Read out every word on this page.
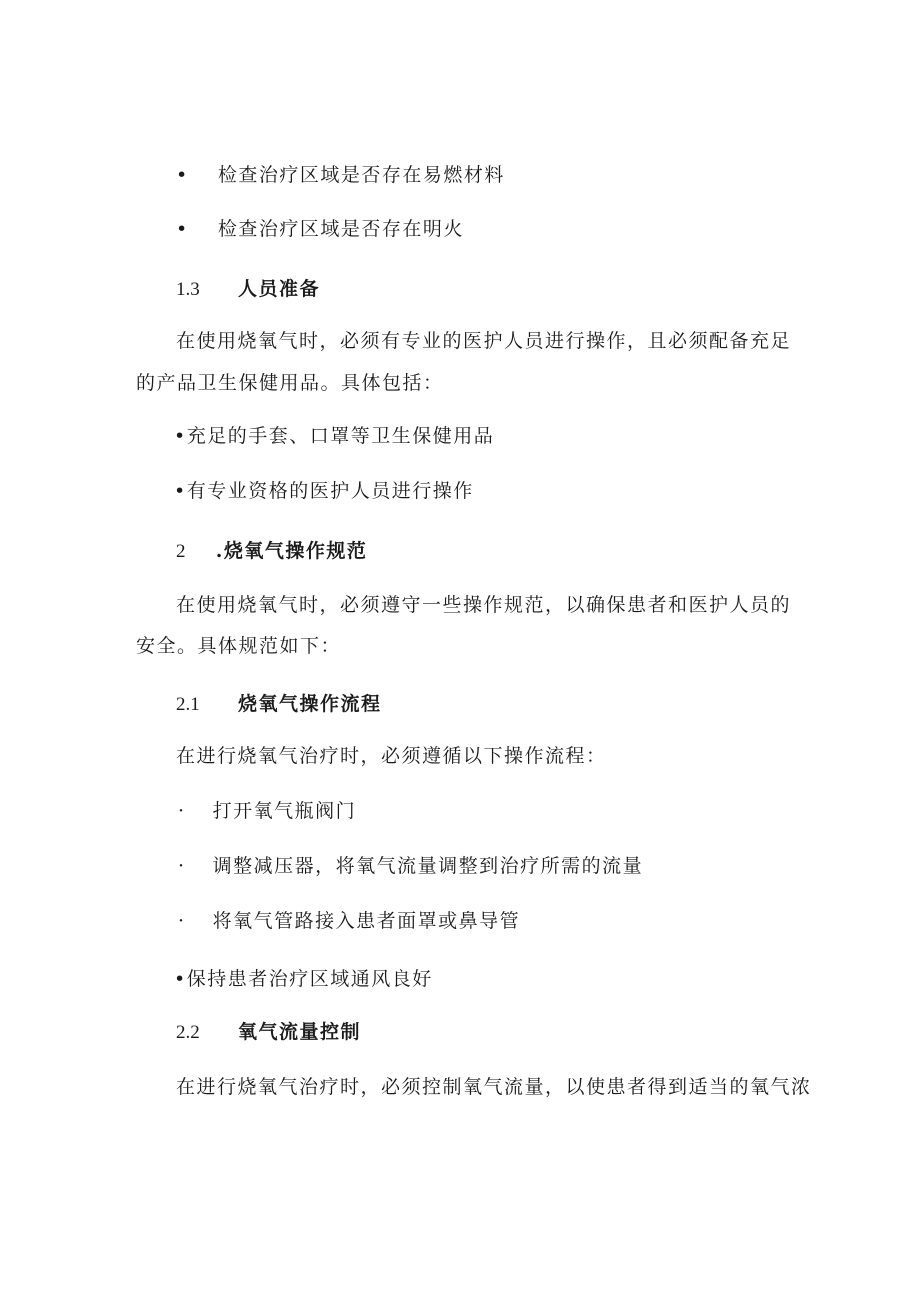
• 检查治疗区域是否存在易燃材料
• 检查治疗区域是否存在明火
1.3 人员准备
在使用烧氧气时，必须有专业的医护人员进行操作，且必须配备充足
的产品卫生保健用品。具体包括：
•充足的手套、口罩等卫生保健用品
•有专业资格的医护人员进行操作
2 .烧氧气操作规范
在使用烧氧气时，必须遵守一些操作规范，以确保患者和医护人员的
安全。具体规范如下：
2.1 烧氧气操作流程
在进行烧氧气治疗时，必须遵循以下操作流程：
· 打开氧气瓶阀门
· 调整减压器，将氧气流量调整到治疗所需的流量
· 将氧气管路接入患者面罩或鼻导管
•保持患者治疗区域通风良好
2.2 氧气流量控制
在进行烧氧气治疗时，必须控制氧气流量，以使患者得到适当的氧气浓
